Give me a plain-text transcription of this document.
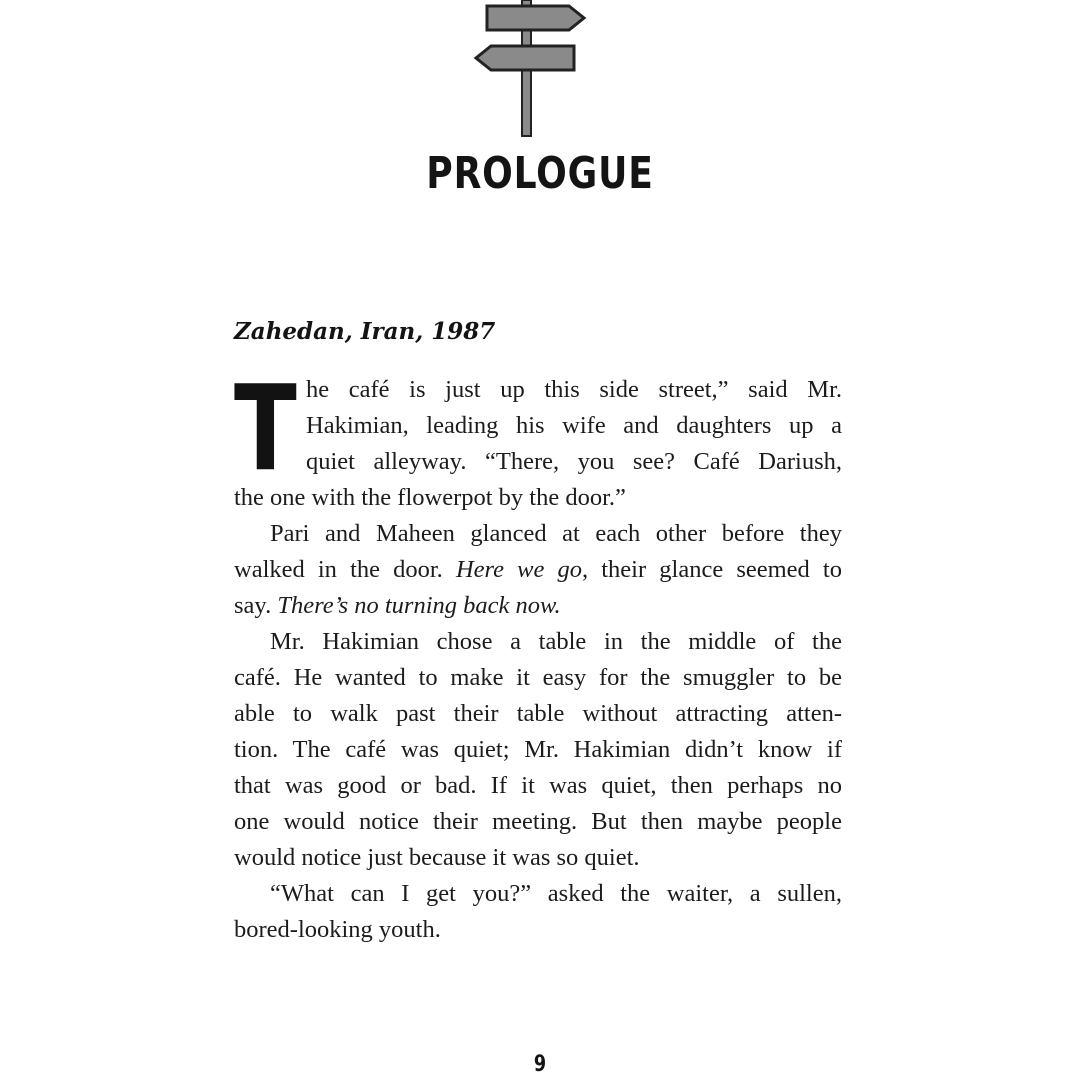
PROLOGUE
Zahedan, Iran, 1987
T he café is just up this side street,” said Mr.
Hakimian, leading his wife and daughters up a
quiet alleyway. “There, you see? Café Dariush,
the one with the flowerpot by the door.”
Pari and Maheen glanced at each other before they
walked in the door. Here we go, their glance seemed to
say. There’s no turning back now.
Mr. Hakimian chose a table in the middle of the
café. He wanted to make it easy for the smuggler to be
able to walk past their table without attracting atten-
tion. The café was quiet; Mr. Hakimian didn’t know if
that was good or bad. If it was quiet, then perhaps no
one would notice their meeting. But then maybe people
would notice just because it was so quiet.
“What can I get you?” asked the waiter, a sullen,
bored-looking youth.
9
